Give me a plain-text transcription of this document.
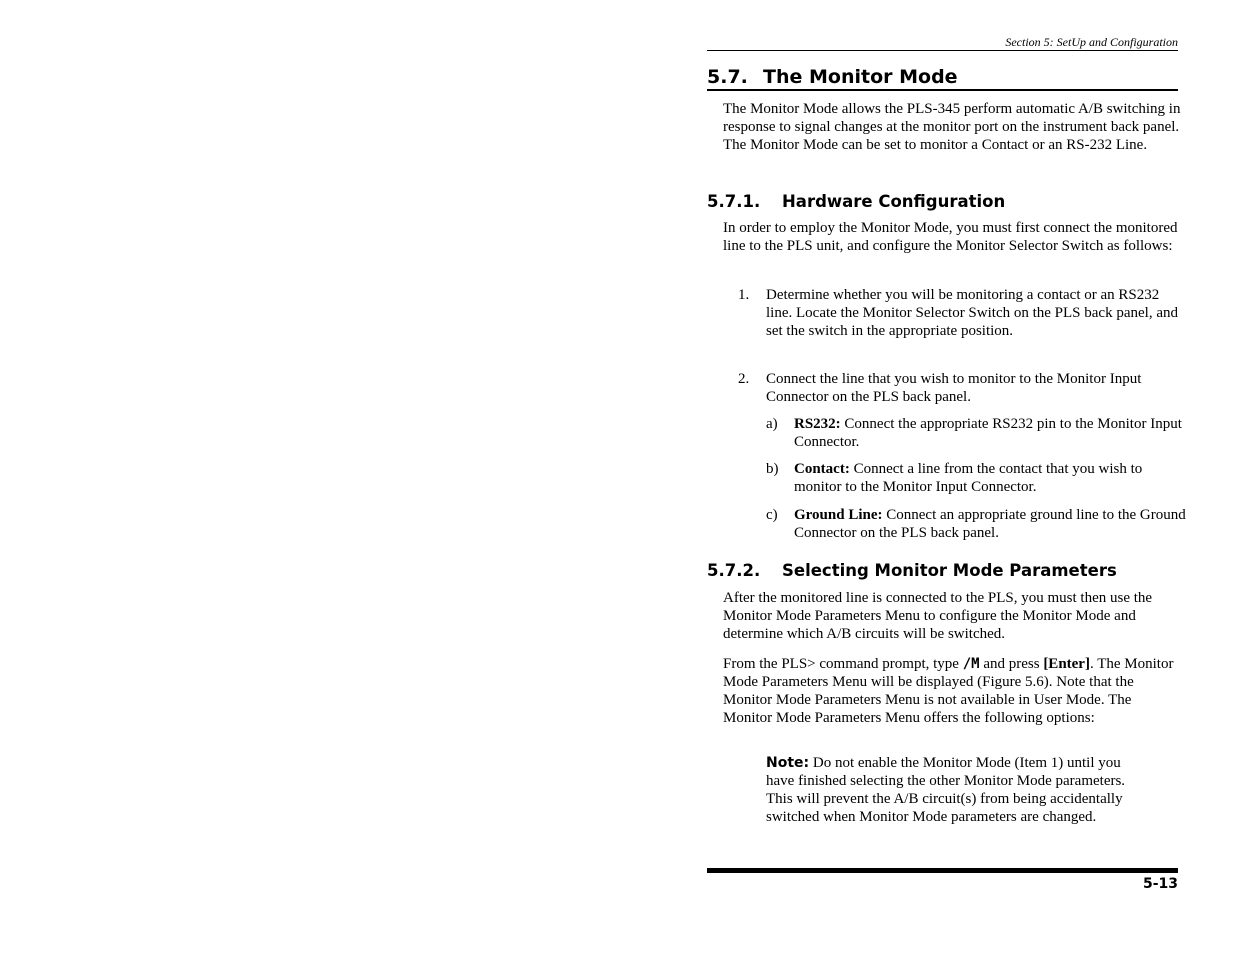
Section 5: SetUp and Configuration
5.7. The Monitor Mode

The Monitor Mode allows the PLS-345 perform automatic A/B switching in response to signal changes at the monitor port on the instrument back panel. The Monitor Mode can be set to monitor a Contact or an RS-232 Line.

5.7.1. Hardware Configuration

In order to employ the Monitor Mode, you must first connect the monitored line to the PLS unit, and configure the Monitor Selector Switch as follows:

1. Determine whether you will be monitoring a contact or an RS232 line. Locate the Monitor Selector Switch on the PLS back panel, and set the switch in the appropriate position.
2. Connect the line that you wish to monitor to the Monitor Input Connector on the PLS back panel.
a) RS232: Connect the appropriate RS232 pin to the Monitor Input Connector.
b) Contact: Connect a line from the contact that you wish to monitor to the Monitor Input Connector.
c) Ground Line: Connect an appropriate ground line to the Ground Connector on the PLS back panel.
5.7.2. Selecting Monitor Mode Parameters

After the monitored line is connected to the PLS, you must then use the Monitor Mode Parameters Menu to configure the Monitor Mode and determine which A/B circuits will be switched.

From the PLS> command prompt, type /M and press [Enter]. The Monitor Mode Parameters Menu will be displayed (Figure 5.6). Note that the Monitor Mode Parameters Menu is not available in User Mode. The Monitor Mode Parameters Menu offers the following options:

Note: Do not enable the Monitor Mode (Item 1) until you have finished selecting the other Monitor Mode parameters. This will prevent the A/B circuit(s) from being accidentally switched when Monitor Mode parameters are changed.
5-13
